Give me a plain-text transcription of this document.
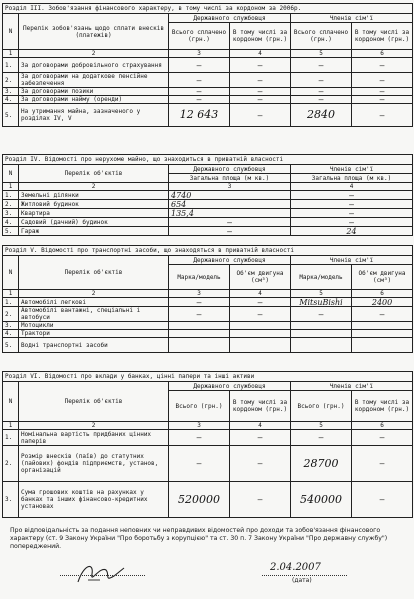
Розділ III. Зобов'язання фінансового характеру, в тому числі за кордоном за 2006р.					
N	Перелік зобов'язань щодо сплати внесків (платежів)	Державного службовця		Членів сім'ї	
		Всього сплачено (грн.)	В тому числі за кордоном (грн.)	Всього сплачено (грн.)	В тому числі за кордоном (грн.)
1	2	3	4	5	6
1.	За договорами добровільного страхування	—	—	—	—
2.	За договорами на додаткове пенсійне забезпечення	—	—	—	—
3.	За договорами позики	—	—	—	—
4.	За договорами найму (оренди)	—	—	—	—
5.	На утримання майна, зазначеного у розділах IV, V	12 643	—	2840	—
Розділ IV. Відомості про нерухоме майно, що знаходиться в приватній власності			
N	Перелік об'єктів	Державного службовця	Членів сім'ї
		Загальна площа (м кв.)	Загальна площа (м кв.)
1	2	3	4
1.	Земельні ділянки	4740	—
2.	Житловий будинок	654	—
3.	Квартира	135,4	—
4.	Садовий (дачний) будинок	—	—
5.	Гараж	—	24
Розділ V. Відомості про транспортні засоби, що знаходяться в приватній власності					
N	Перелік об'єктів	Державного службовця		Членів сім'ї	
		Марка/модель	Об'єм двигуна (см³)	Марка/модель	Об'єм двигуна (см³)
1	2	3	4	5	6
1.	Автомобілі легкові	—	—	MitsuBishi	2400
2.	Автомобілі вантажні, спеціальні і автобуси	—	—	—	—
3.	Мотоцикли				
4.	Трактори				
5.	Водні транспортні засоби				
Розділ VI. Відомості про вклади у банках, цінні папери та інші активи					
N	Перелік об'єктів	Державного службовця		Членів сім'ї	
		Всього (грн.)	В тому числі за кордоном (грн.)	Всього (грн.)	В тому числі за кордоном (грн.)
1	2	3	4	5	6
1.	Номінальна вартість придбаних цінних паперів	—	—	—	—
2.	Розмір внесків (паїв) до статутних (пайових) фондів підприємств, установ, організацій	—	—	28700	—
3.	Сума грошових коштів на рахунках у банках та інших фінансово-кредитних установах	520000	—	540000	—
Про відповідальність за подання неповних чи неправдивих відомостей про доходи та зобов'язання фінансового характеру (ст. 9 Закону України "Про боротьбу з корупцією" та ст. 30 п. 7 Закону України "Про державну службу") попереджений.
2.04.2007
(дата)
